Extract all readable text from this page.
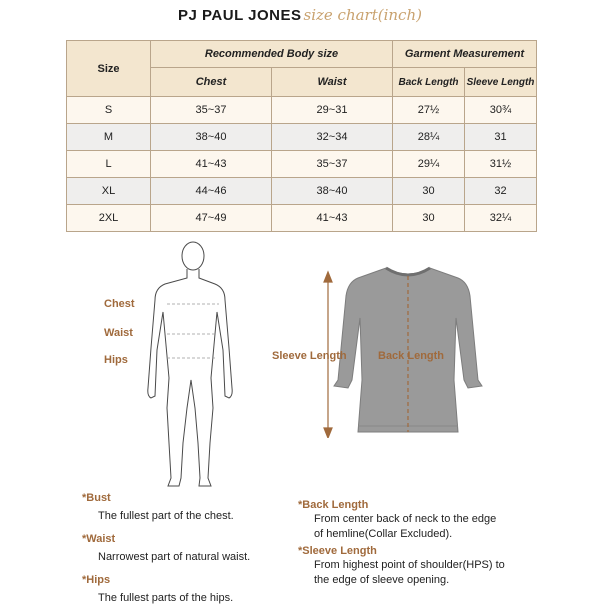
PJ PAUL JONES size chart(inch)
Size	Recommended Body size		Garment Measurement	
	Chest	Waist	Back Length	Sleeve Length
S	35~37	29~31	27½	30¾
M	38~40	32~34	28¼	31
L	41~43	35~37	29¼	31½
XL	44~46	38~40	30	32
2XL	47~49	41~43	30	32¼
Chest
Waist
Hips	Sleeve Length	Back Length
*Bust
The fullest part of the chest.
*Waist
Narrowest part of natural waist.
*Hips
The fullest parts of the hips.
*Back Length
From center back of neck to the edge
of hemline(Collar Excluded).
*Sleeve Length
From highest point of shoulder(HPS) to
the edge of sleeve opening.
